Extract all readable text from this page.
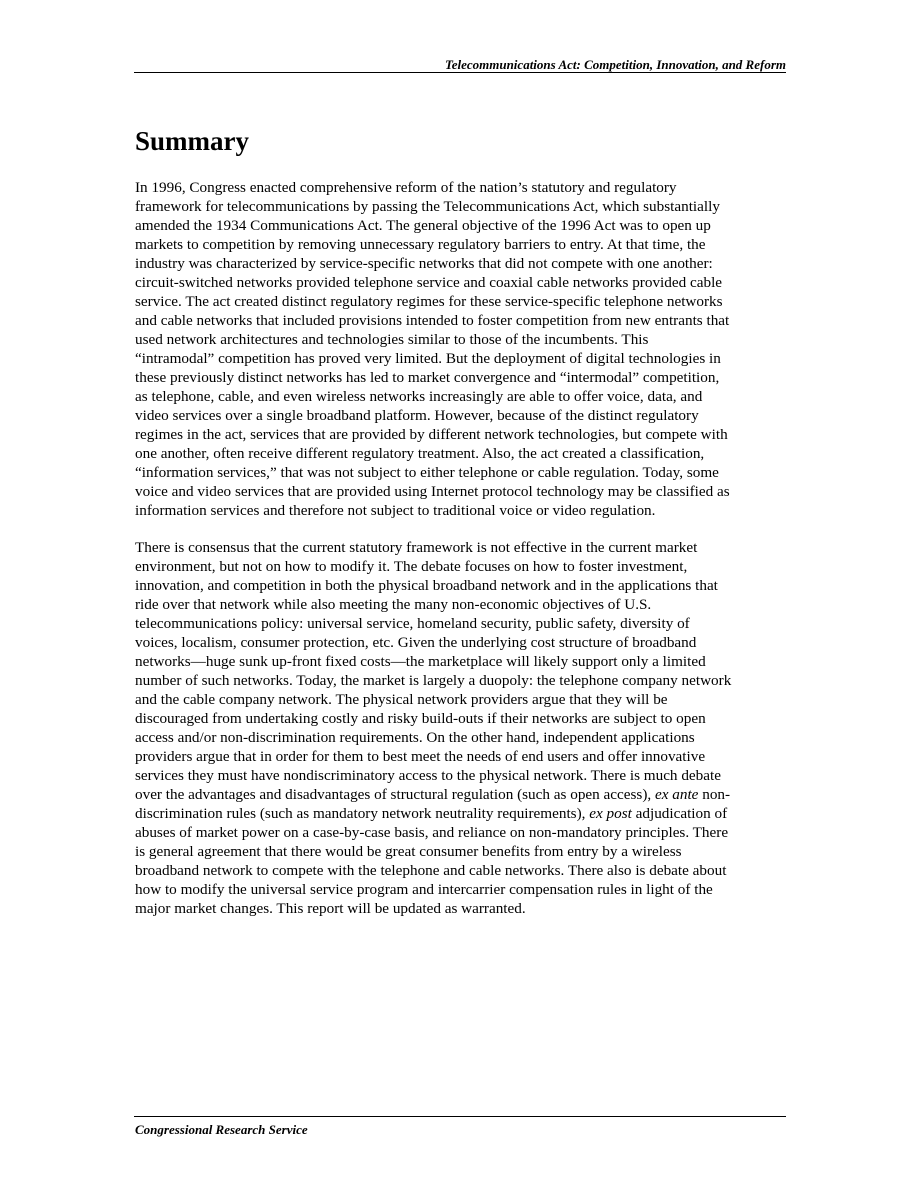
Telecommunications Act: Competition, Innovation, and Reform
Summary

In 1996, Congress enacted comprehensive reform of the nation’s statutory and regulatory
framework for telecommunications by passing the Telecommunications Act, which substantially
amended the 1934 Communications Act. The general objective of the 1996 Act was to open up
markets to competition by removing unnecessary regulatory barriers to entry. At that time, the
industry was characterized by service-specific networks that did not compete with one another:
circuit-switched networks provided telephone service and coaxial cable networks provided cable
service. The act created distinct regulatory regimes for these service-specific telephone networks
and cable networks that included provisions intended to foster competition from new entrants that
used network architectures and technologies similar to those of the incumbents. This
“intramodal” competition has proved very limited. But the deployment of digital technologies in
these previously distinct networks has led to market convergence and “intermodal” competition,
as telephone, cable, and even wireless networks increasingly are able to offer voice, data, and
video services over a single broadband platform. However, because of the distinct regulatory
regimes in the act, services that are provided by different network technologies, but compete with
one another, often receive different regulatory treatment. Also, the act created a classification,
“information services,” that was not subject to either telephone or cable regulation. Today, some
voice and video services that are provided using Internet protocol technology may be classified as
information services and therefore not subject to traditional voice or video regulation.

There is consensus that the current statutory framework is not effective in the current market
environment, but not on how to modify it. The debate focuses on how to foster investment,
innovation, and competition in both the physical broadband network and in the applications that
ride over that network while also meeting the many non-economic objectives of U.S.
telecommunications policy: universal service, homeland security, public safety, diversity of
voices, localism, consumer protection, etc. Given the underlying cost structure of broadband
networks—huge sunk up-front fixed costs—the marketplace will likely support only a limited
number of such networks. Today, the market is largely a duopoly: the telephone company network
and the cable company network. The physical network providers argue that they will be
discouraged from undertaking costly and risky build-outs if their networks are subject to open
access and/or non-discrimination requirements. On the other hand, independent applications
providers argue that in order for them to best meet the needs of end users and offer innovative
services they must have nondiscriminatory access to the physical network. There is much debate
over the advantages and disadvantages of structural regulation (such as open access), ex ante non-
discrimination rules (such as mandatory network neutrality requirements), ex post adjudication of
abuses of market power on a case-by-case basis, and reliance on non-mandatory principles. There
is general agreement that there would be great consumer benefits from entry by a wireless
broadband network to compete with the telephone and cable networks. There also is debate about
how to modify the universal service program and intercarrier compensation rules in light of the
major market changes. This report will be updated as warranted.

Congressional Research Service
